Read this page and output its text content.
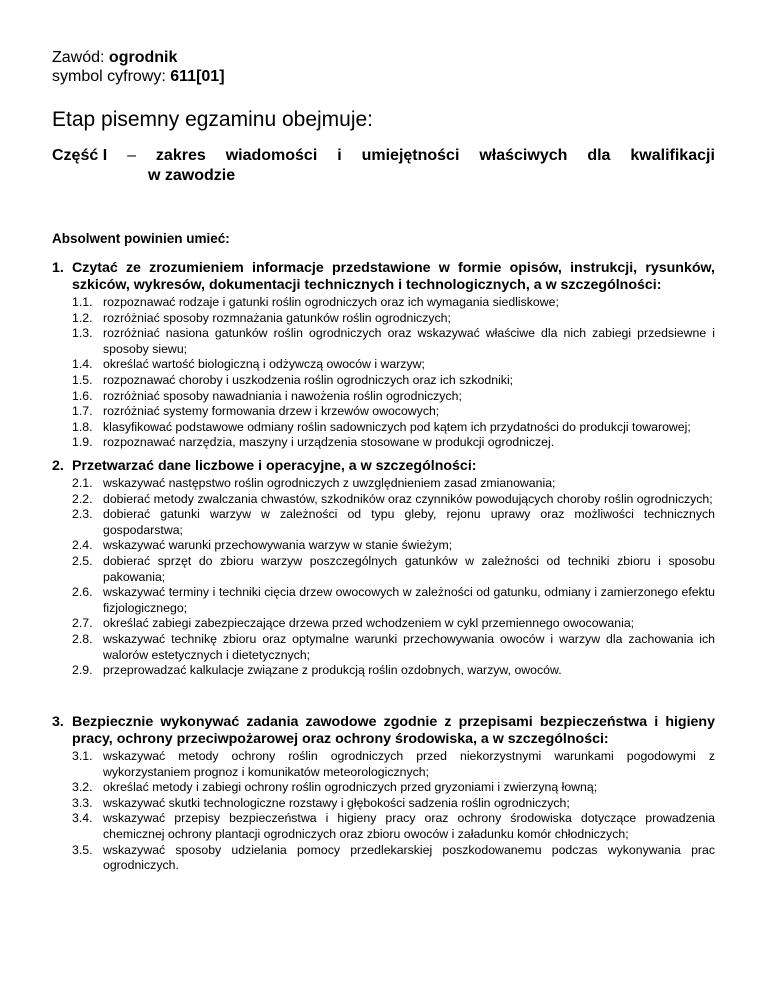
Zawód: ogrodnik
symbol cyfrowy: 611[01]
Etap pisemny egzaminu obejmuje:
Część I – zakres wiadomości i umiejętności właściwych dla kwalifikacji
w zawodzie
Absolwent powinien umieć:
1. Czytać ze zrozumieniem informacje przedstawione w formie opisów, instrukcji, rysunków, szkiców, wykresów, dokumentacji technicznych i technologicznych, a w szczególności:
1.1. rozpoznawać rodzaje i gatunki roślin ogrodniczych oraz ich wymagania siedliskowe;
1.2. rozróżniać sposoby rozmnażania gatunków roślin ogrodniczych;
1.3. rozróżniać nasiona gatunków roślin ogrodniczych oraz wskazywać właściwe dla nich zabiegi przedsiewne i sposoby siewu;
1.4. określać wartość biologiczną i odżywczą owoców i warzyw;
1.5. rozpoznawać choroby i uszkodzenia roślin ogrodniczych oraz ich szkodniki;
1.6. rozróżniać sposoby nawadniania i nawożenia roślin ogrodniczych;
1.7. rozróżniać systemy formowania drzew i krzewów owocowych;
1.8. klasyfikować podstawowe odmiany roślin sadowniczych pod kątem ich przydatności do produkcji towarowej;
1.9. rozpoznawać narzędzia, maszyny i urządzenia stosowane w produkcji ogrodniczej.
2. Przetwarzać dane liczbowe i operacyjne, a w szczególności:
2.1. wskazywać następstwo roślin ogrodniczych z uwzględnieniem zasad zmianowania;
2.2. dobierać metody zwalczania chwastów, szkodników oraz czynników powodujących choroby roślin ogrodniczych;
2.3. dobierać gatunki warzyw w zależności od typu gleby, rejonu uprawy oraz możliwości technicznych gospodarstwa;
2.4. wskazywać warunki przechowywania warzyw w stanie świeżym;
2.5. dobierać sprzęt do zbioru warzyw poszczególnych gatunków w zależności od techniki zbioru i sposobu pakowania;
2.6. wskazywać terminy i techniki cięcia drzew owocowych w zależności od gatunku, odmiany i zamierzonego efektu fizjologicznego;
2.7. określać zabiegi zabezpieczające drzewa przed wchodzeniem w cykl przemiennego owocowania;
2.8. wskazywać technikę zbioru oraz optymalne warunki przechowywania owoców i warzyw dla zachowania ich walorów estetycznych i dietetycznych;
2.9. przeprowadzać kalkulacje związane z produkcją roślin ozdobnych, warzyw, owoców.
3. Bezpiecznie wykonywać zadania zawodowe zgodnie z przepisami bezpieczeństwa i higieny pracy, ochrony przeciwpożarowej oraz ochrony środowiska, a w szczególności:
3.1. wskazywać metody ochrony roślin ogrodniczych przed niekorzystnymi warunkami pogodowymi z wykorzystaniem prognoz i komunikatów meteorologicznych;
3.2. określać metody i zabiegi ochrony roślin ogrodniczych przed gryzoniami i zwierzyną łowną;
3.3. wskazywać skutki technologiczne rozstawy i głębokości sadzenia roślin ogrodniczych;
3.4. wskazywać przepisy bezpieczeństwa i higieny pracy oraz ochrony środowiska dotyczące prowadzenia chemicznej ochrony plantacji ogrodniczych oraz zbioru owoców i załadunku komór chłodniczych;
3.5. wskazywać sposoby udzielania pomocy przedlekarskiej poszkodowanemu podczas wykonywania prac ogrodniczych.
